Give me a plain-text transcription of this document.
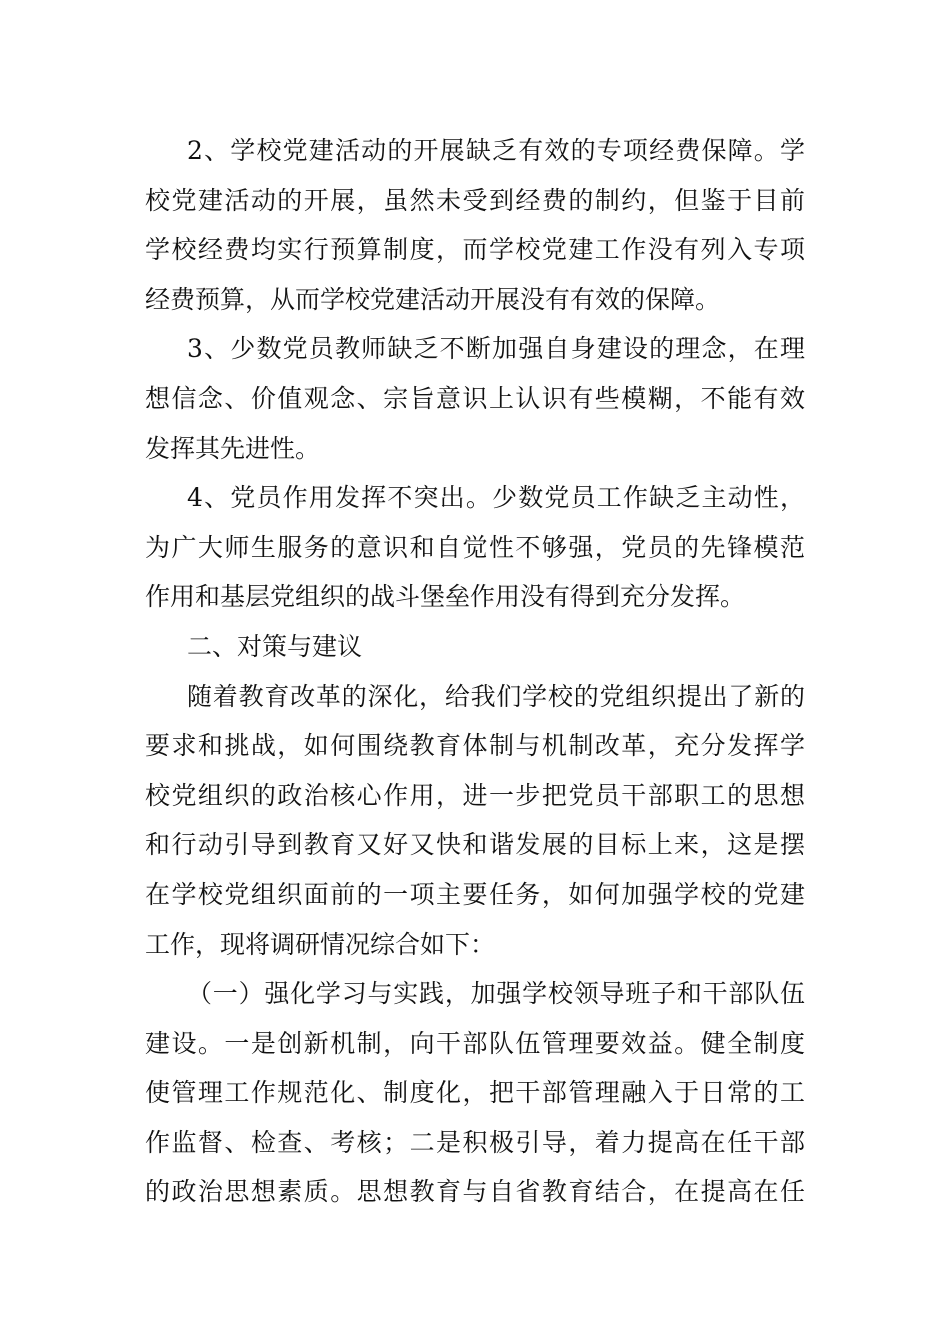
2、学校党建活动的开展缺乏有效的专项经费保障。学
校党建活动的开展，虽然未受到经费的制约，但鉴于目前
学校经费均实行预算制度，而学校党建工作没有列入专项
经费预算，从而学校党建活动开展没有有效的保障。
3、少数党员教师缺乏不断加强自身建设的理念，在理
想信念、价值观念、宗旨意识上认识有些模糊，不能有效
发挥其先进性。
4、党员作用发挥不突出。少数党员工作缺乏主动性，
为广大师生服务的意识和自觉性不够强，党员的先锋模范
作用和基层党组织的战斗堡垒作用没有得到充分发挥。
二、对策与建议
随着教育改革的深化，给我们学校的党组织提出了新的
要求和挑战，如何围绕教育体制与机制改革，充分发挥学
校党组织的政治核心作用，进一步把党员干部职工的思想
和行动引导到教育又好又快和谐发展的目标上来，这是摆
在学校党组织面前的一项主要任务，如何加强学校的党建
工作，现将调研情况综合如下：
（一）强化学习与实践，加强学校领导班子和干部队伍
建设。一是创新机制，向干部队伍管理要效益。健全制度
使管理工作规范化、制度化，把干部管理融入于日常的工
作监督、检查、考核；二是积极引导，着力提高在任干部
的政治思想素质。思想教育与自省教育结合，在提高在任
